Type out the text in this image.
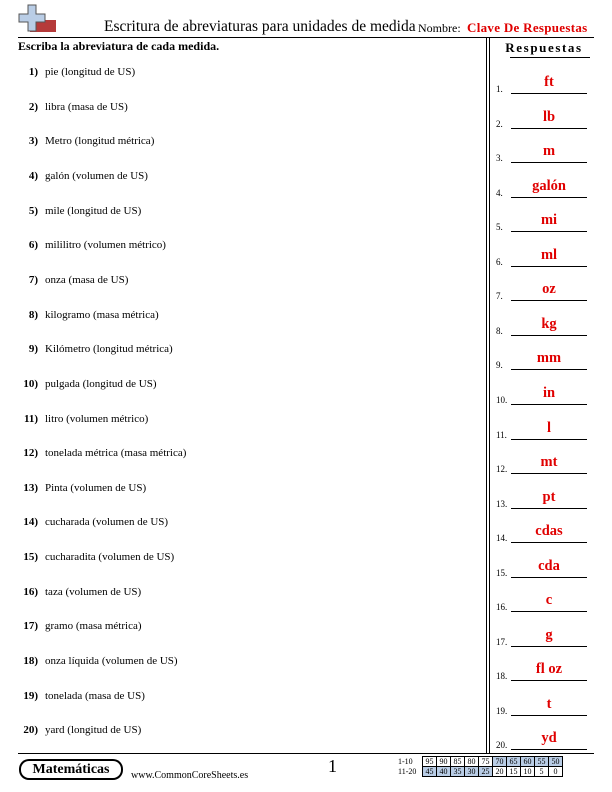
Escritura de abreviaturas para unidades de medida Nombre: Clave De Respuestas
Escriba la abreviatura de cada medida.	Respuestas
1) pie (longitud de US)
2) libra (masa de US)
3) Metro (longitud métrica)
4) galón (volumen de US)
5) mile (longitud de US)
6) mililitro (volumen métrico)
7) onza (masa de US)
8) kilogramo (masa métrica)
9) Kilómetro (longitud métrica)
10) pulgada (longitud de US)
11) litro (volumen métrico)
12) tonelada métrica (masa métrica)
13) Pinta (volumen de US)
14) cucharada (volumen de US)
15) cucharadita (volumen de US)
16) taza (volumen de US)
17) gramo (masa métrica)
18) onza líquida (volumen de US)
19) tonelada (masa de US)
20) yard (longitud de US)
1.	ft
2.	lb
3.	m
4.	galón
5.	mi
6.	ml
7.	oz
8.	kg
9.	mm
10.	in
11.	l
12.	mt
13.	pt
14.	cdas
15.	cda
16.	c
17.	g
18.	fl oz
19.	t
20.	yd
Matemáticas	www.CommonCoreSheets.es	1	1-10	95	90	85	80	75	70	65	60	55	50
11-20	45	40	35	30	25	20	15	10	5	0
